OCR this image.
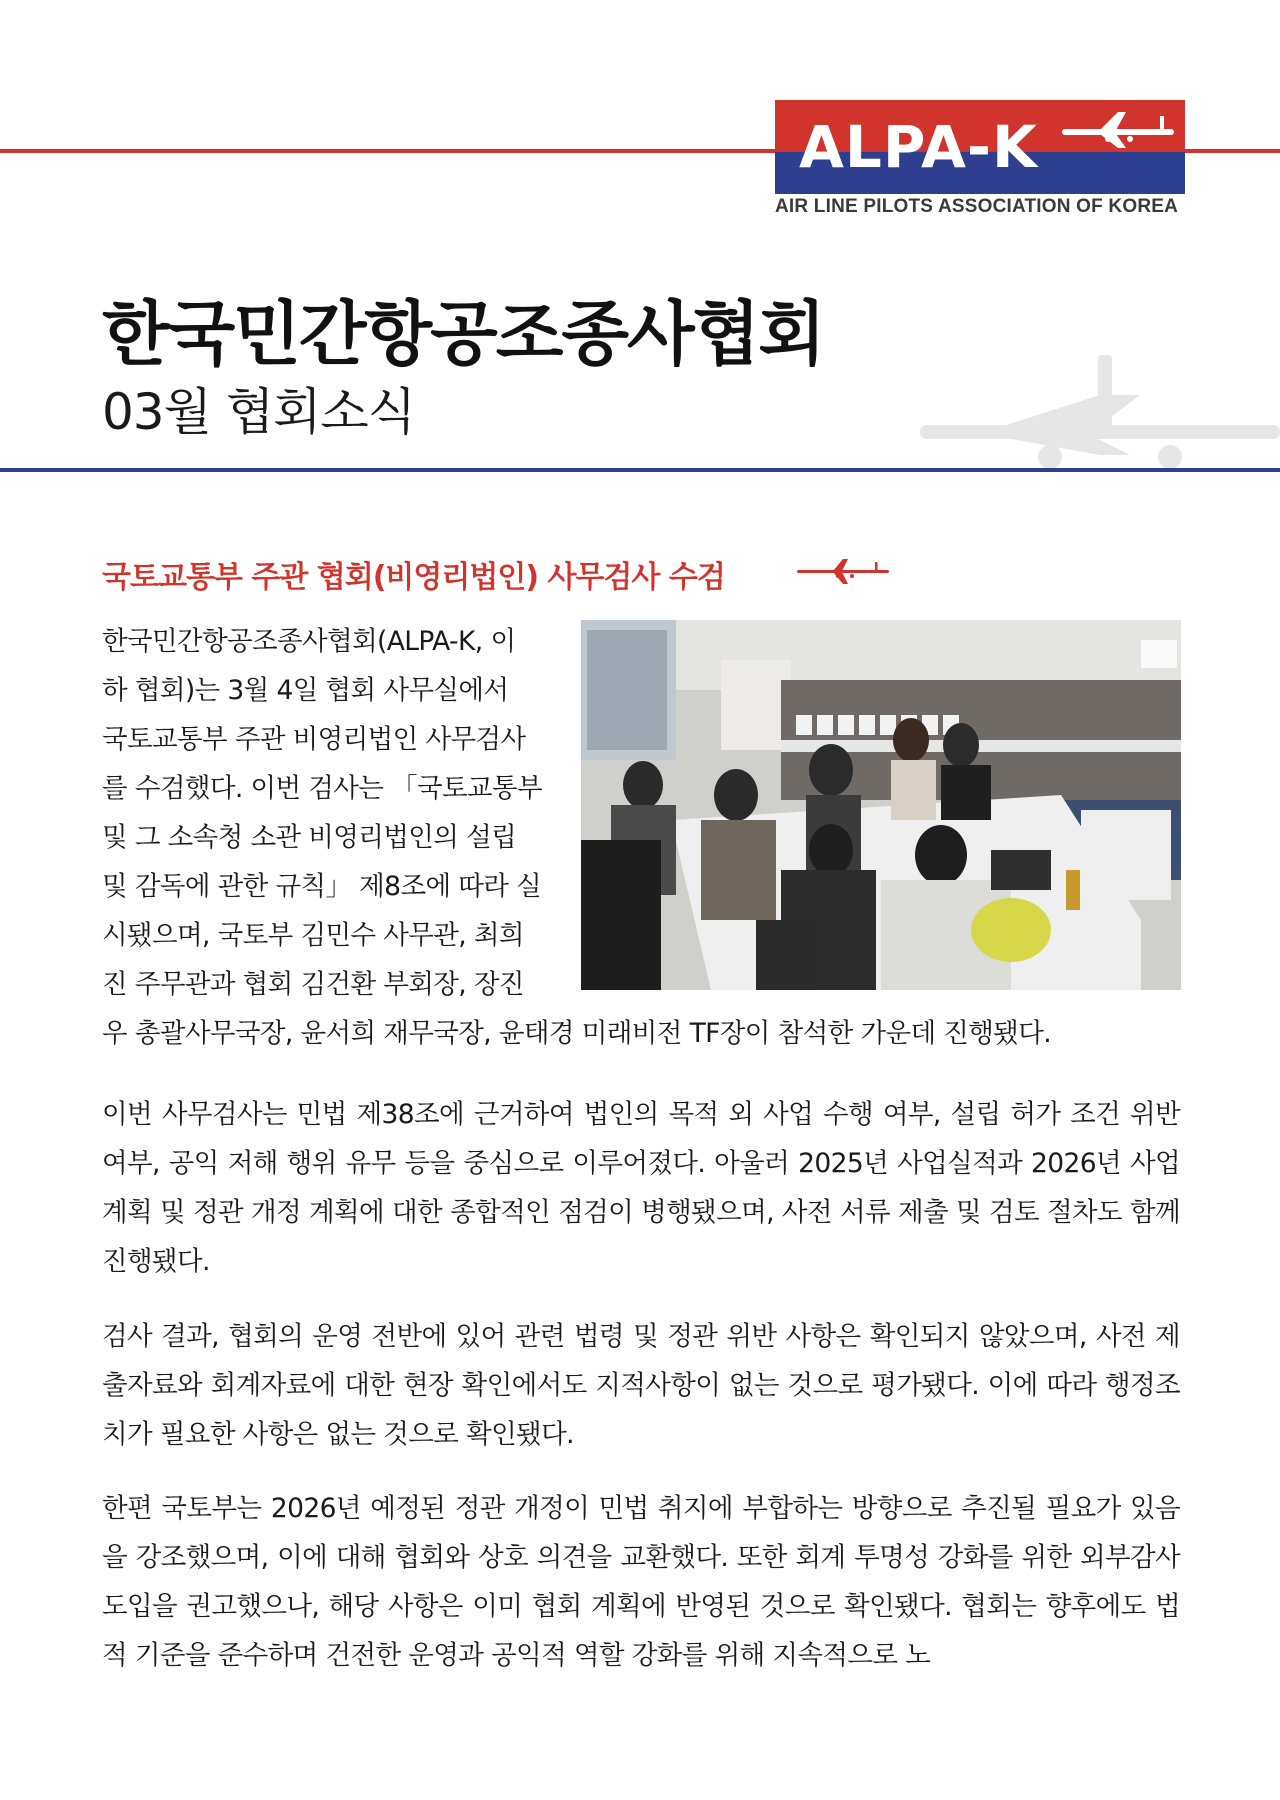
ALPA-K
AIR LINE PILOTS ASSOCIATION OF KOREA
한국민간항공조종사협회
03월 협회소식
국토교통부 주관 협회(비영리법인) 사무검사 수검
한국민간항공조종사협회(ALPA-K, 이
하 협회)는 3월 4일 협회 사무실에서
국토교통부 주관 비영리법인 사무검사
를 수검했다. 이번 검사는 「국토교통부
및 그 소속청 소관 비영리법인의 설립
및 감독에 관한 규칙」 제8조에 따라 실
시됐으며, 국토부 김민수 사무관, 최희
진 주무관과 협회 김건환 부회장, 장진

우 총괄사무국장, 윤서희 재무국장, 윤태경 미래비전 TF장이 참석한 가운데 진행됐다.

이번 사무검사는 민법 제38조에 근거하여 법인의 목적 외 사업 수행 여부, 설립 허가 조건 위반 여부, 공익 저해 행위 유무 등을 중심으로 이루어졌다. 아울러 2025년 사업실적과 2026년 사업계획 및 정관 개정 계획에 대한 종합적인 점검이 병행됐으며, 사전 서류 제출 및 검토 절차도 함께 진행됐다.

검사 결과, 협회의 운영 전반에 있어 관련 법령 및 정관 위반 사항은 확인되지 않았으며, 사전 제출자료와 회계자료에 대한 현장 확인에서도 지적사항이 없는 것으로 평가됐다. 이에 따라 행정조치가 필요한 사항은 없는 것으로 확인됐다.

한편 국토부는 2026년 예정된 정관 개정이 민법 취지에 부합하는 방향으로 추진될 필요가 있음을 강조했으며, 이에 대해 협회와 상호 의견을 교환했다. 또한 회계 투명성 강화를 위한 외부감사 도입을 권고했으나, 해당 사항은 이미 협회 계획에 반영된 것으로 확인됐다. 협회는 향후에도 법적 기준을 준수하며 건전한 운영과 공익적 역할 강화를 위해 지속적으로 노
